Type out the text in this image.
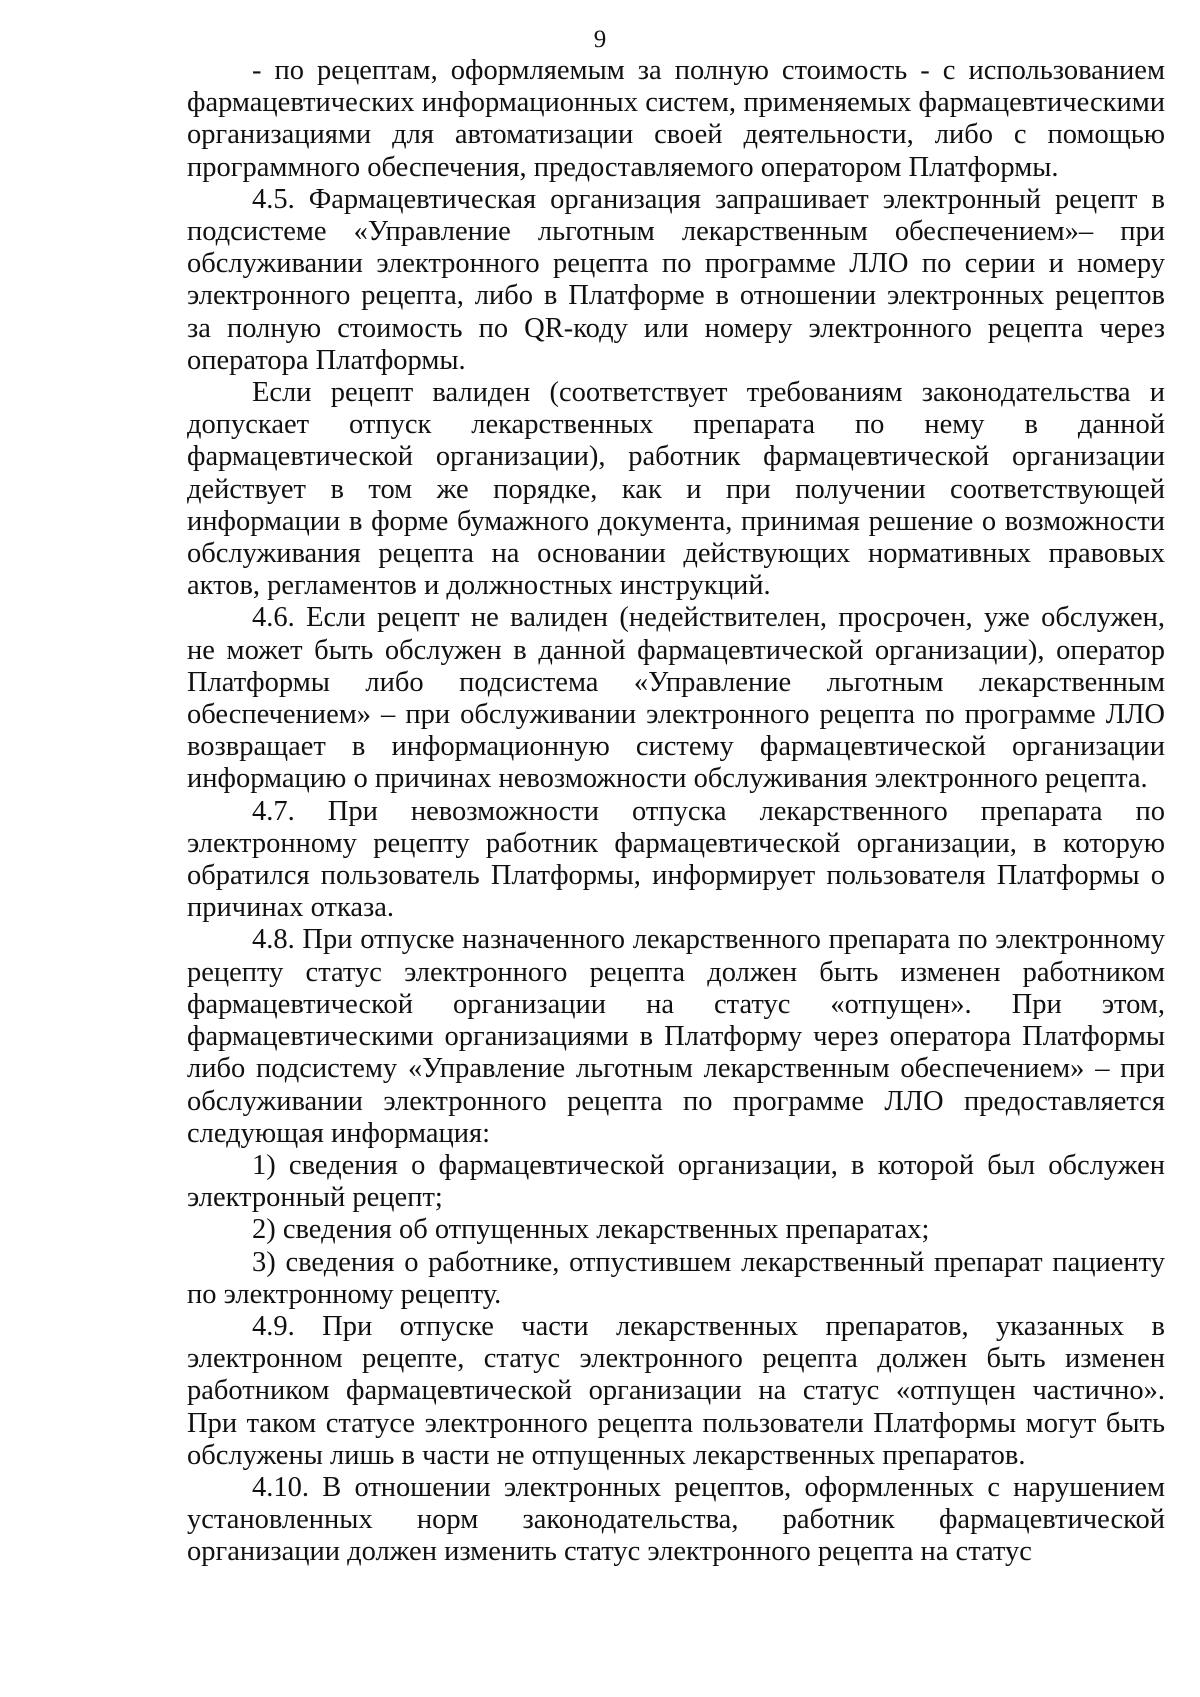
9

- по рецептам, оформляемым за полную стоимость - с использованием фармацевтических информационных систем, применяемых фармацевтическими организациями для автоматизации своей деятельности, либо с помощью программного обеспечения, предоставляемого оператором Платформы.

4.5. Фармацевтическая организация запрашивает электронный рецепт в подсистеме «Управление льготным лекарственным обеспечением»– при обслуживании электронного рецепта по программе ЛЛО по серии и номеру электронного рецепта, либо в Платформе в отношении электронных рецептов за полную стоимость по QR-коду или номеру электронного рецепта через оператора Платформы.

Если рецепт валиден (соответствует требованиям законодательства и допускает отпуск лекарственных препарата по нему в данной фармацевтической организации), работник фармацевтической организации действует в том же порядке, как и при получении соответствующей информации в форме бумажного документа, принимая решение о возможности обслуживания рецепта на основании действующих нормативных правовых актов, регламентов и должностных инструкций.

4.6. Если рецепт не валиден (недействителен, просрочен, уже обслужен, не может быть обслужен в данной фармацевтической организации), оператор Платформы либо подсистема «Управление льготным лекарственным обеспечением» – при обслуживании электронного рецепта по программе ЛЛО возвращает в информационную систему фармацевтической организации информацию о причинах невозможности обслуживания электронного рецепта.

4.7. При невозможности отпуска лекарственного препарата по электронному рецепту работник фармацевтической организации, в которую обратился пользователь Платформы, информирует пользователя Платформы о причинах отказа.

4.8. При отпуске назначенного лекарственного препарата по электронному рецепту статус электронного рецепта должен быть изменен работником фармацевтической организации на статус «отпущен». При этом, фармацевтическими организациями в Платформу через оператора Платформы либо подсистему «Управление льготным лекарственным обеспечением» – при обслуживании электронного рецепта по программе ЛЛО предоставляется следующая информация:

1) сведения о фармацевтической организации, в которой был обслужен электронный рецепт;

2) сведения об отпущенных лекарственных препаратах;

3) сведения о работнике, отпустившем лекарственный препарат пациенту по электронному рецепту.

4.9. При отпуске части лекарственных препаратов, указанных в электронном рецепте, статус электронного рецепта должен быть изменен работником фармацевтической организации на статус «отпущен частично». При таком статусе электронного рецепта пользователи Платформы могут быть обслужены лишь в части не отпущенных лекарственных препаратов.

4.10. В отношении электронных рецептов, оформленных с нарушением установленных норм законодательства, работник фармацевтической организации должен изменить статус электронного рецепта на статус
